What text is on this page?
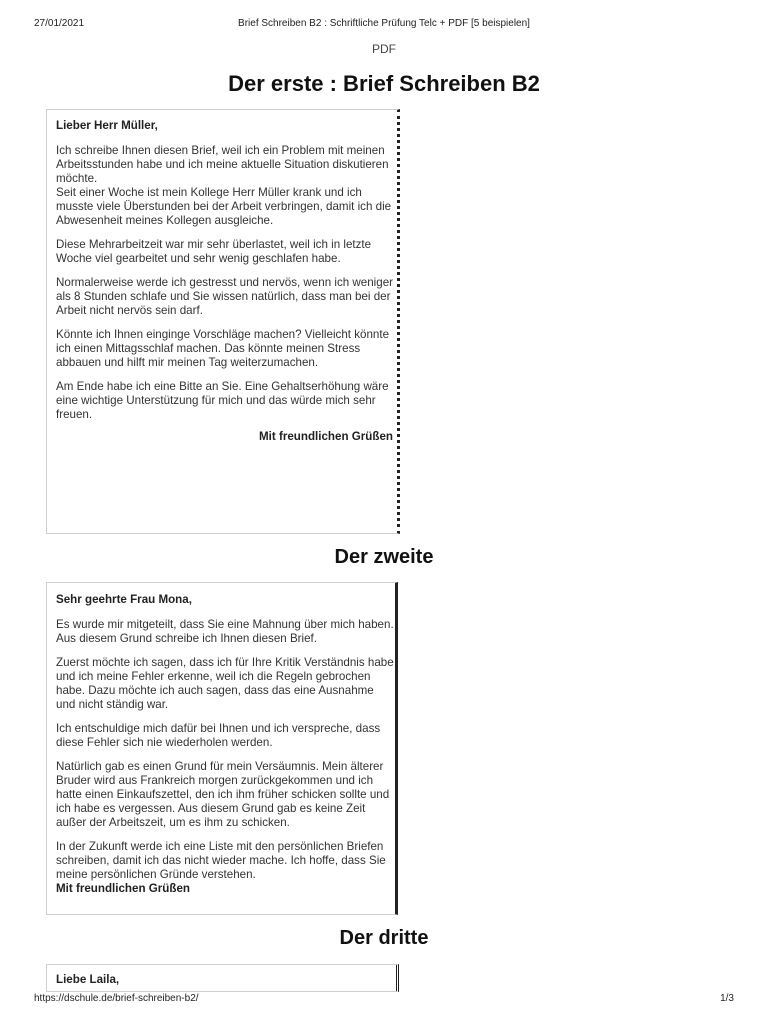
27/01/2021	Brief Schreiben B2 : Schriftliche Prüfung Telc + PDF [5 beispielen]
PDF
Der erste : Brief Schreiben B2

Lieber Herr Müller,

Ich schreibe Ihnen diesen Brief, weil ich ein Problem mit meinen Arbeitsstunden habe und ich meine aktuelle Situation diskutieren möchte.
Seit einer Woche ist mein Kollege Herr Müller krank und ich musste viele Überstunden bei der Arbeit verbringen, damit ich die Abwesenheit meines Kollegen ausgleiche.

Diese Mehrarbeitzeit war mir sehr überlastet, weil ich in letzte Woche viel gearbeitet und sehr wenig geschlafen habe.

Normalerweise werde ich gestresst und nervös, wenn ich weniger als 8 Stunden schlafe und Sie wissen natürlich, dass man bei der Arbeit nicht nervös sein darf.

Könnte ich Ihnen einginge Vorschläge machen? Vielleicht könnte ich einen Mittagsschlaf machen. Das könnte meinen Stress abbauen und hilft mir meinen Tag weiterzumachen.

Am Ende habe ich eine Bitte an Sie. Eine Gehaltserhöhung wäre eine wichtige Unterstützung für mich und das würde mich sehr freuen.

Mit freundlichen Grüßen

Der zweite

Sehr geehrte Frau Mona,

Es wurde mir mitgeteilt, dass Sie eine Mahnung über mich haben. Aus diesem Grund schreibe ich Ihnen diesen Brief.

Zuerst möchte ich sagen, dass ich für Ihre Kritik Verständnis habe und ich meine Fehler erkenne, weil ich die Regeln gebrochen habe. Dazu möchte ich auch sagen, dass das eine Ausnahme und nicht ständig war.

Ich entschuldige mich dafür bei Ihnen und ich verspreche, dass diese Fehler sich nie wiederholen werden.

Natürlich gab es einen Grund für mein Versäumnis. Mein älterer Bruder wird aus Frankreich morgen zurückgekommen und ich hatte einen Einkaufszettel, den ich ihm früher schicken sollte und ich habe es vergessen. Aus diesem Grund gab es keine Zeit außer der Arbeitszeit, um es ihm zu schicken.

In der Zukunft werde ich eine Liste mit den persönlichen Briefen schreiben, damit ich das nicht wieder mache. Ich hoffe, dass Sie meine persönlichen Gründe verstehen.

Mit freundlichen Grüßen

Der dritte

Liebe Laila,

https://dschule.de/brief-schreiben-b2/	1/3
